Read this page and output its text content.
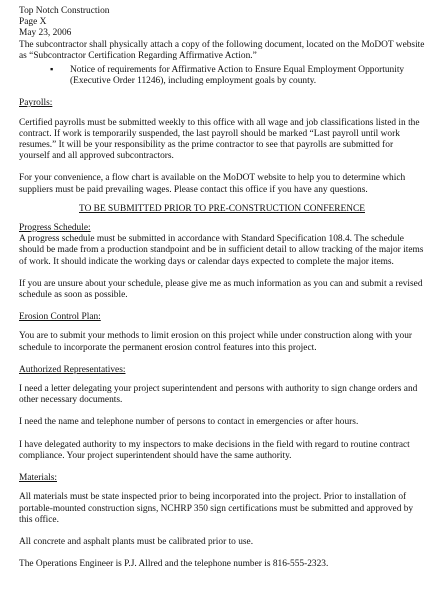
Top Notch Construction
Page X
May 23, 2006

The subcontractor shall physically attach a copy of the following document, located on the MoDOT website as “Subcontractor Certification Regarding Affirmative Action.”

▪ Notice of requirements for Affirmative Action to Ensure Equal Employment Opportunity (Executive Order 11246), including employment goals by county.

Payrolls:

Certified payrolls must be submitted weekly to this office with all wage and job classifications listed in the contract. If work is temporarily suspended, the last payroll should be marked “Last payroll until work resumes.” It will be your responsibility as the prime contractor to see that payrolls are submitted for yourself and all approved subcontractors.

For your convenience, a flow chart is available on the MoDOT website to help you to determine which suppliers must be paid prevailing wages. Please contact this office if you have any questions.

TO BE SUBMITTED PRIOR TO PRE-CONSTRUCTION CONFERENCE

Progress Schedule:

A progress schedule must be submitted in accordance with Standard Specification 108.4. The schedule should be made from a production standpoint and be in sufficient detail to allow tracking of the major items of work. It should indicate the working days or calendar days expected to complete the major items.

If you are unsure about your schedule, please give me as much information as you can and submit a revised schedule as soon as possible.

Erosion Control Plan:

You are to submit your methods to limit erosion on this project while under construction along with your schedule to incorporate the permanent erosion control features into this project.

Authorized Representatives:

I need a letter delegating your project superintendent and persons with authority to sign change orders and other necessary documents.

I need the name and telephone number of persons to contact in emergencies or after hours.

I have delegated authority to my inspectors to make decisions in the field with regard to routine contract compliance. Your project superintendent should have the same authority.

Materials:

All materials must be state inspected prior to being incorporated into the project. Prior to installation of portable-mounted construction signs, NCHRP 350 sign certifications must be submitted and approved by this office.

All concrete and asphalt plants must be calibrated prior to use.

The Operations Engineer is P.J. Allred and the telephone number is 816-555-2323.
